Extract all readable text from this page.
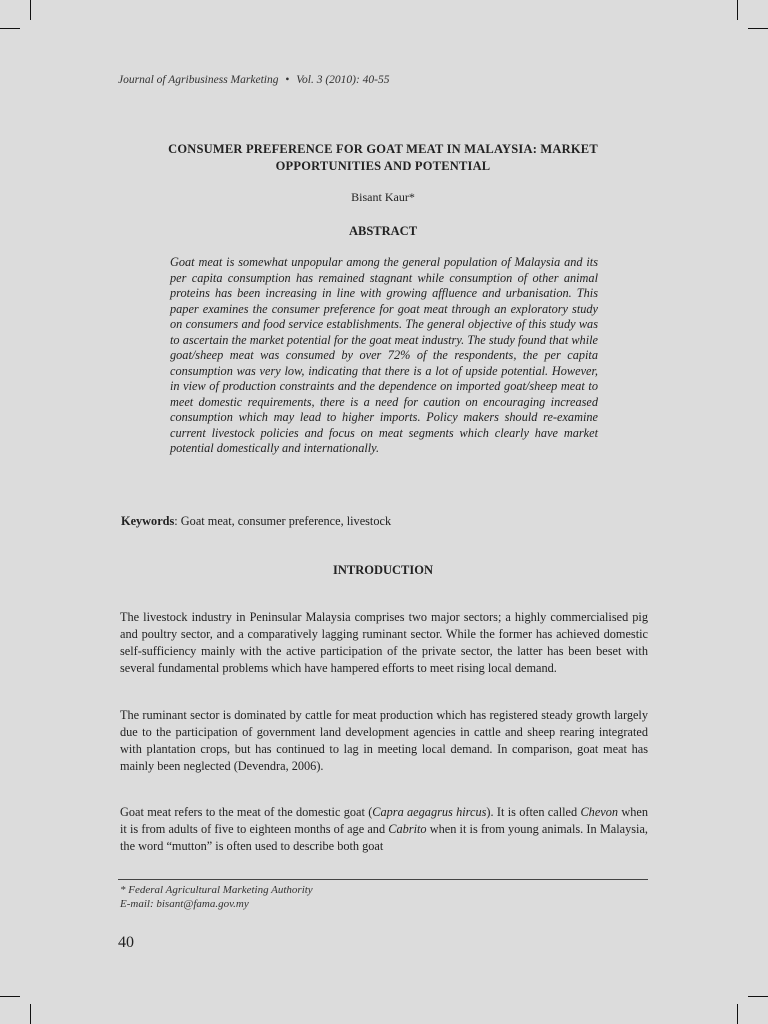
Journal of Agribusiness Marketing • Vol. 3 (2010): 40-55
CONSUMER PREFERENCE FOR GOAT MEAT IN MALAYSIA: MARKET
OPPORTUNITIES AND POTENTIAL
Bisant Kaur*
ABSTRACT

Goat meat is somewhat unpopular among the general population of Malaysia and its per capita consumption has remained stagnant while consumption of other animal proteins has been increasing in line with growing affluence and urbanisation. This paper examines the consumer preference for goat meat through an exploratory study on consumers and food service establishments. The general objective of this study was to ascertain the market potential for the goat meat industry. The study found that while goat/sheep meat was consumed by over 72% of the respondents, the per capita consumption was very low, indicating that there is a lot of upside potential. However, in view of production constraints and the dependence on imported goat/sheep meat to meet domestic requirements, there is a need for caution on encouraging increased consumption which may lead to higher imports. Policy makers should re-examine current livestock policies and focus on meat segments which clearly have market potential domestically and internationally.

Keywords: Goat meat, consumer preference, livestock
INTRODUCTION

The livestock industry in Peninsular Malaysia comprises two major sectors; a highly commercialised pig and poultry sector, and a comparatively lagging ruminant sector. While the former has achieved domestic self-sufficiency mainly with the active participation of the private sector, the latter has been beset with several fundamental problems which have hampered efforts to meet rising local demand.

The ruminant sector is dominated by cattle for meat production which has registered steady growth largely due to the participation of government land development agencies in cattle and sheep rearing integrated with plantation crops, but has continued to lag in meeting local demand. In comparison, goat meat has mainly been neglected (Devendra, 2006).

Goat meat refers to the meat of the domestic goat (Capra aegagrus hircus). It is often called Chevon when it is from adults of five to eighteen months of age and Cabrito when it is from young animals. In Malaysia, the word “mutton” is often used to describe both goat

* Federal Agricultural Marketing Authority
E-mail: bisant@fama.gov.my
40
